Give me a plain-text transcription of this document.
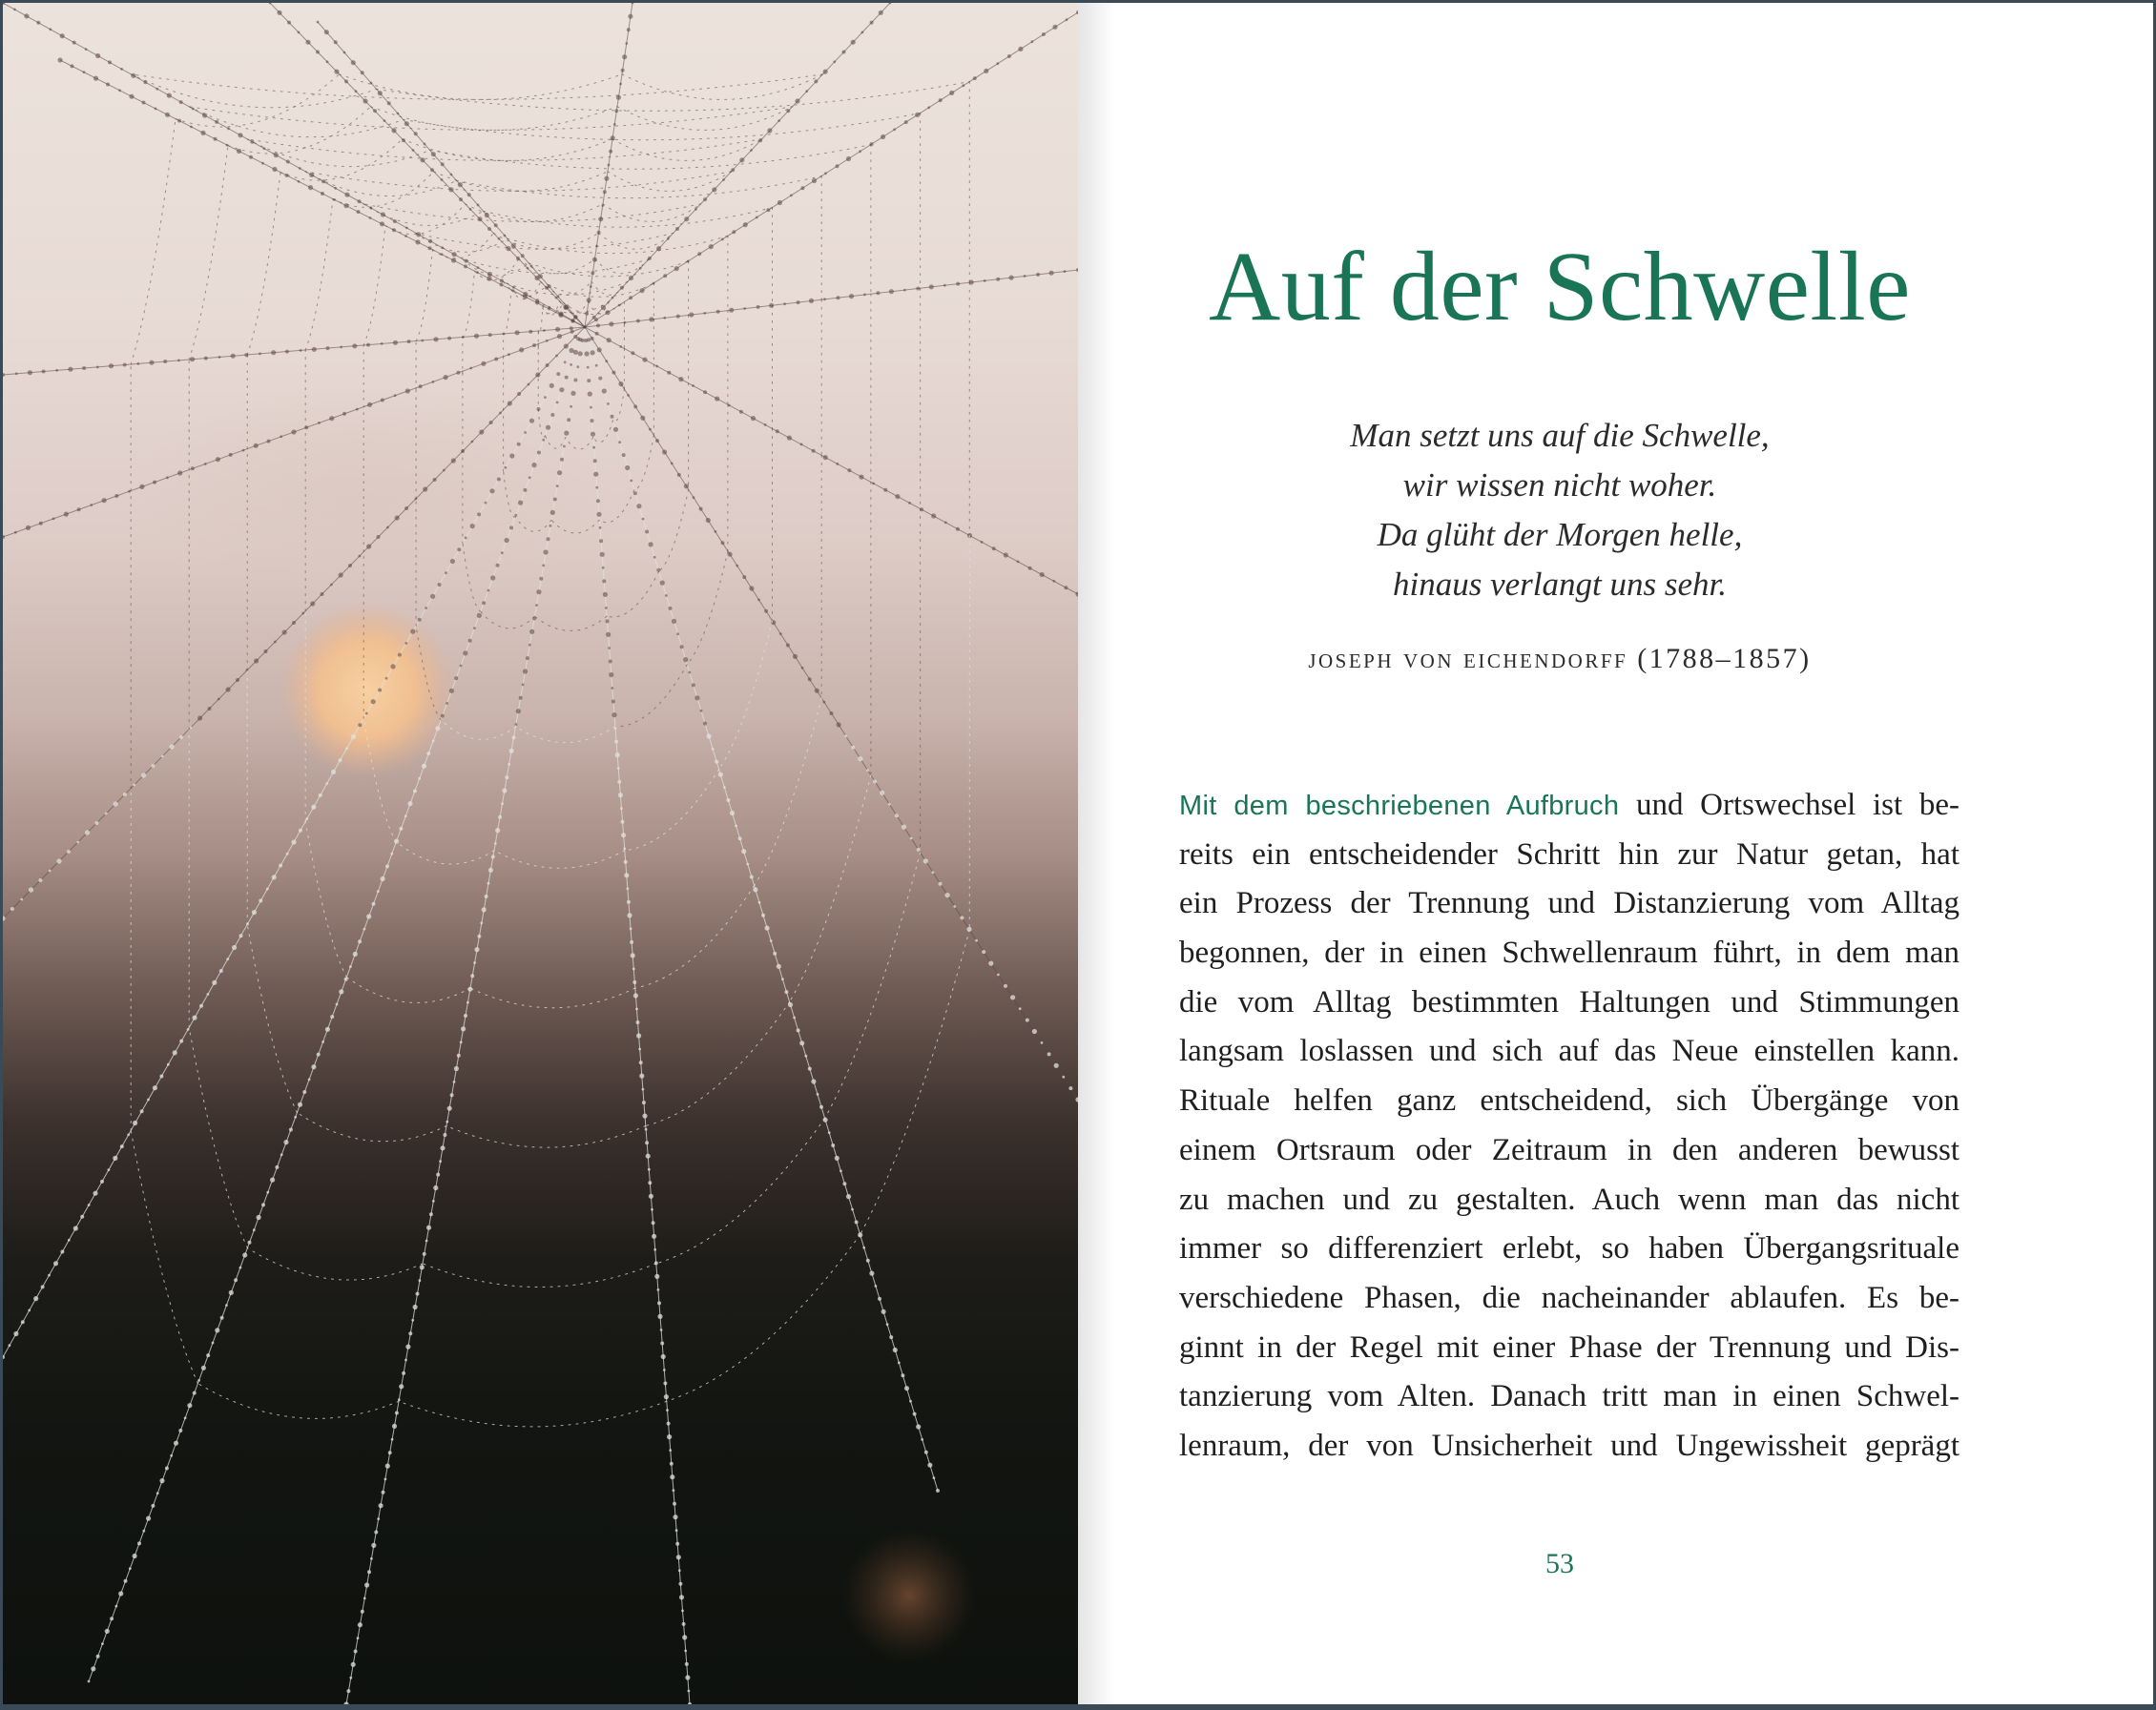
Auf der Schwelle
Man setzt uns auf die Schwelle,
wir wissen nicht woher.
Da glüht der Morgen helle,
hinaus verlangt uns sehr.
joseph von eichendorff (1788–1857)
Mit dem beschriebenen Aufbruch und Ortswechsel ist be-
reits ein entscheidender Schritt hin zur Natur getan, hat
ein Prozess der Trennung und Distanzierung vom Alltag
begonnen, der in einen Schwellenraum führt, in dem man
die vom Alltag bestimmten Haltungen und Stimmungen
langsam loslassen und sich auf das Neue einstellen kann.
Rituale helfen ganz entscheidend, sich Übergänge von
einem Ortsraum oder Zeitraum in den anderen bewusst
zu machen und zu gestalten. Auch wenn man das nicht
immer so differenziert erlebt, so haben Übergangsrituale
verschiedene Phasen, die nacheinander ablaufen. Es be-
ginnt in der Regel mit einer Phase der Trennung und Dis-
tanzierung vom Alten. Danach tritt man in einen Schwel-
lenraum, der von Unsicherheit und Ungewissheit geprägt
53
